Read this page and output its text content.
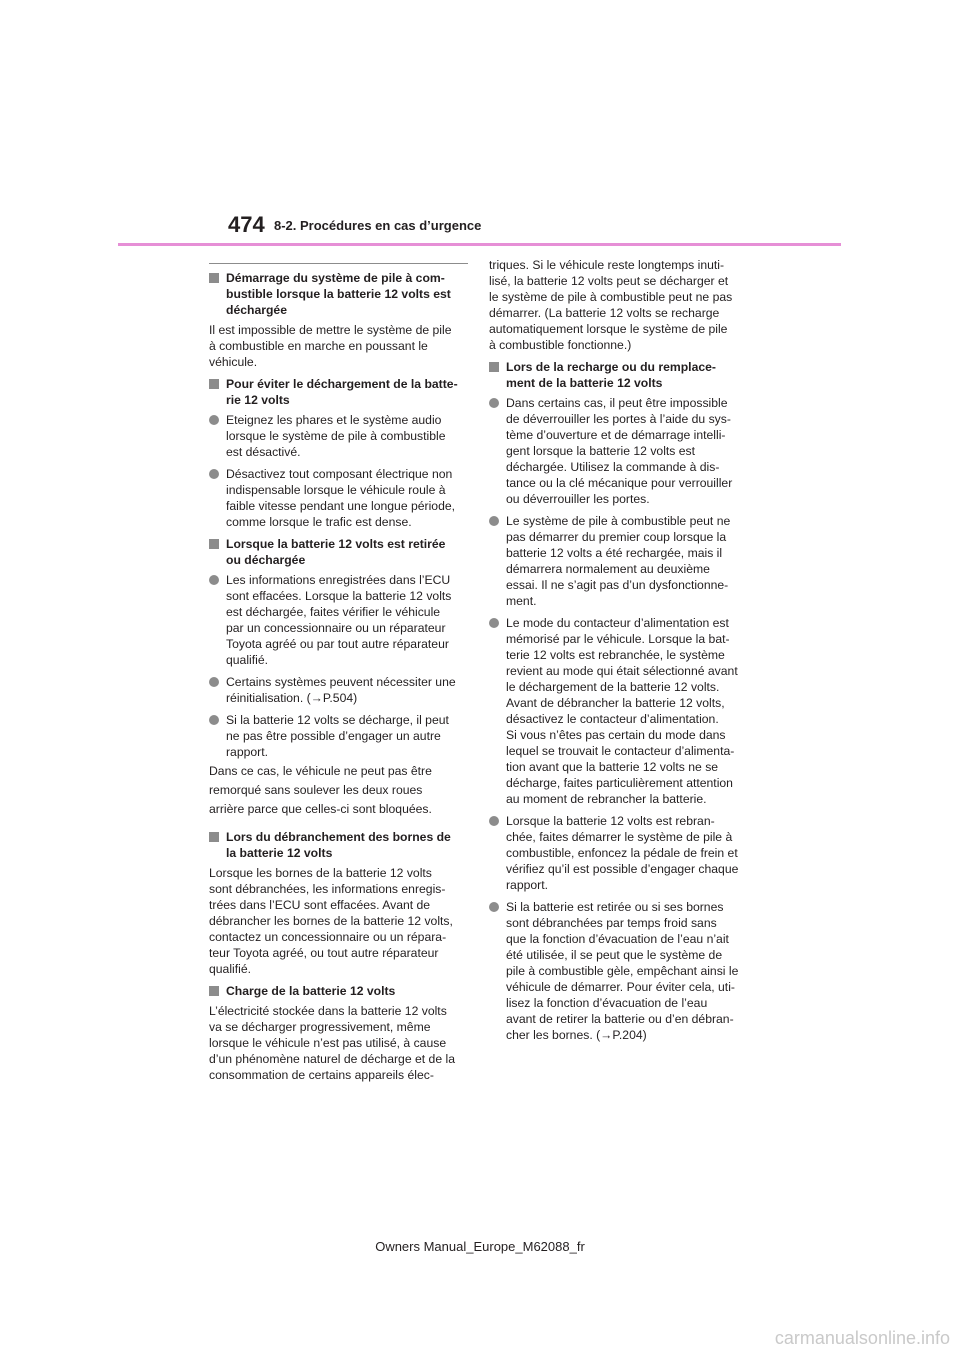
474 8-2. Procédures en cas d’urgence
Démarrage du système de pile à com-
bustible lorsque la batterie 12 volts est
déchargée
Il est impossible de mettre le système de pile
à combustible en marche en poussant le
véhicule.
Pour éviter le déchargement de la batte-
rie 12 volts
Eteignez les phares et le système audio
lorsque le système de pile à combustible
est désactivé.
Désactivez tout composant électrique non
indispensable lorsque le véhicule roule à
faible vitesse pendant une longue période,
comme lorsque le trafic est dense.
Lorsque la batterie 12 volts est retirée
ou déchargée
Les informations enregistrées dans l’ECU
sont effacées. Lorsque la batterie 12 volts
est déchargée, faites vérifier le véhicule
par un concessionnaire ou un réparateur
Toyota agréé ou par tout autre réparateur
qualifié.
Certains systèmes peuvent nécessiter une
réinitialisation. (→P.504)
Si la batterie 12 volts se décharge, il peut
ne pas être possible d’engager un autre
rapport.
Dans ce cas, le véhicule ne peut pas être
remorqué sans soulever les deux roues
arrière parce que celles-ci sont bloquées.
Lors du débranchement des bornes de
la batterie 12 volts
Lorsque les bornes de la batterie 12 volts
sont débranchées, les informations enregis-
trées dans l’ECU sont effacées. Avant de
débrancher les bornes de la batterie 12 volts,
contactez un concessionnaire ou un répara-
teur Toyota agréé, ou tout autre réparateur
qualifié.
Charge de la batterie 12 volts
L’électricité stockée dans la batterie 12 volts
va se décharger progressivement, même
lorsque le véhicule n’est pas utilisé, à cause
d’un phénomène naturel de décharge et de la
consommation de certains appareils élec-
triques. Si le véhicule reste longtemps inuti-
lisé, la batterie 12 volts peut se décharger et
le système de pile à combustible peut ne pas
démarrer. (La batterie 12 volts se recharge
automatiquement lorsque le système de pile
à combustible fonctionne.)
Lors de la recharge ou du remplace-
ment de la batterie 12 volts
Dans certains cas, il peut être impossible
de déverrouiller les portes à l’aide du sys-
tème d’ouverture et de démarrage intelli-
gent lorsque la batterie 12 volts est
déchargée. Utilisez la commande à dis-
tance ou la clé mécanique pour verrouiller
ou déverrouiller les portes.
Le système de pile à combustible peut ne
pas démarrer du premier coup lorsque la
batterie 12 volts a été rechargée, mais il
démarrera normalement au deuxième
essai. Il ne s’agit pas d’un dysfonctionne-
ment.
Le mode du contacteur d’alimentation est
mémorisé par le véhicule. Lorsque la bat-
terie 12 volts est rebranchée, le système
revient au mode qui était sélectionné avant
le déchargement de la batterie 12 volts.
Avant de débrancher la batterie 12 volts,
désactivez le contacteur d’alimentation.
Si vous n’êtes pas certain du mode dans
lequel se trouvait le contacteur d’alimenta-
tion avant que la batterie 12 volts ne se
décharge, faites particulièrement attention
au moment de rebrancher la batterie.
Lorsque la batterie 12 volts est rebran-
chée, faites démarrer le système de pile à
combustible, enfoncez la pédale de frein et
vérifiez qu’il est possible d’engager chaque
rapport.
Si la batterie est retirée ou si ses bornes
sont débranchées par temps froid sans
que la fonction d’évacuation de l’eau n’ait
été utilisée, il se peut que le système de
pile à combustible gèle, empêchant ainsi le
véhicule de démarrer. Pour éviter cela, uti-
lisez la fonction d’évacuation de l’eau
avant de retirer la batterie ou d’en débran-
cher les bornes. (→P.204)
Owners Manual_Europe_M62088_fr
carmanualsonline.info
